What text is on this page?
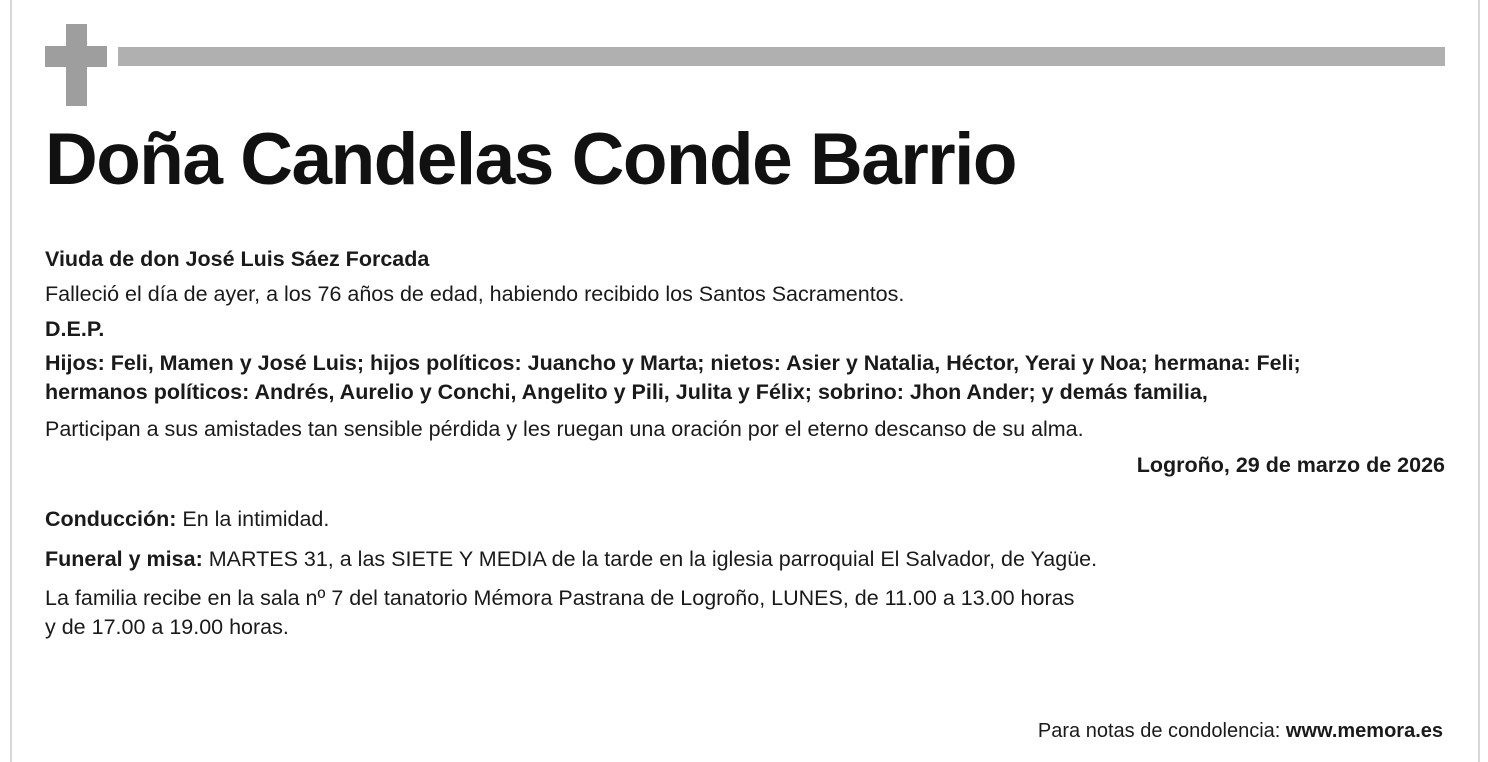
Doña Candelas Conde Barrio

Viuda de don José Luis Sáez Forcada

Falleció el día de ayer, a los 76 años de edad, habiendo recibido los Santos Sacramentos.

D.E.P.

Hijos: Feli, Mamen y José Luis; hijos políticos: Juancho y Marta; nietos: Asier y Natalia, Héctor, Yerai y Noa; hermana: Feli; hermanos políticos: Andrés, Aurelio y Conchi, Angelito y Pili, Julita y Félix; sobrino: Jhon Ander; y demás familia,

Participan a sus amistades tan sensible pérdida y les ruegan una oración por el eterno descanso de su alma.

Logroño, 29 de marzo de 2026

Conducción: En la intimidad.

Funeral y misa: MARTES 31, a las SIETE Y MEDIA de la tarde en la iglesia parroquial El Salvador, de Yagüe.

La familia recibe en la sala nº 7 del tanatorio Mémora Pastrana de Logroño, LUNES, de 11.00 a 13.00 horas
y de 17.00 a 19.00 horas.

Para notas de condolencia: www.memora.es
